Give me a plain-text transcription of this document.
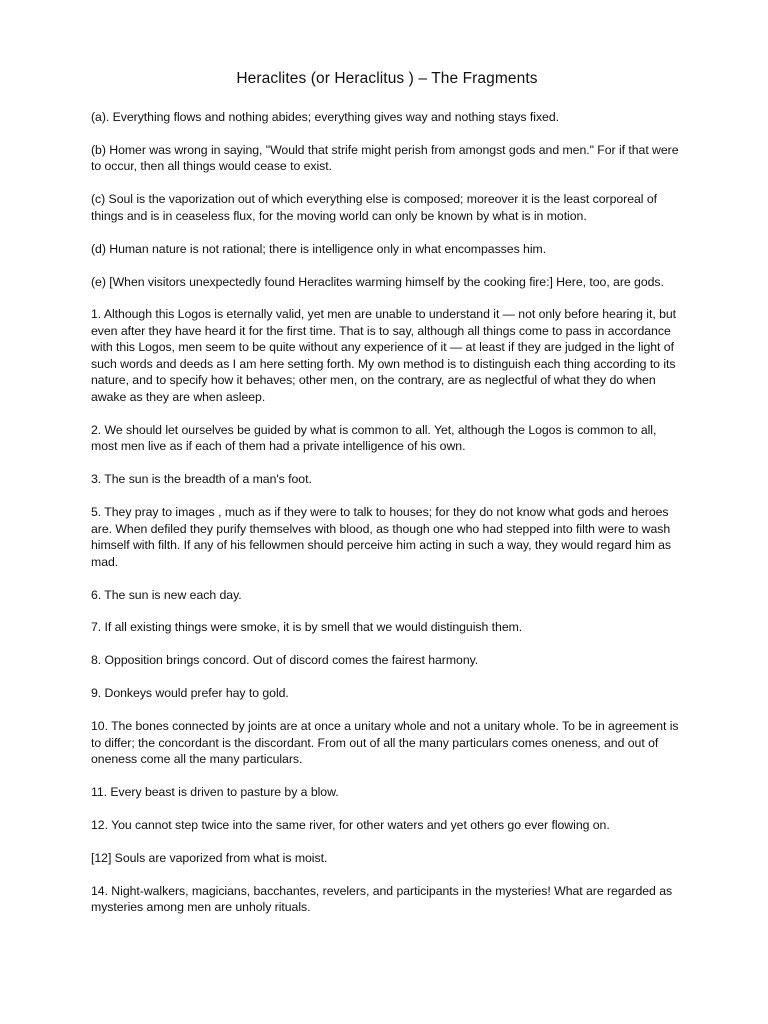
Heraclites (or Heraclitus ) – The Fragments

(a). Everything flows and nothing abides; everything gives way and nothing stays fixed.

(b) Homer was wrong in saying, "Would that strife might perish from amongst gods and men." For if that were to occur, then all things would cease to exist.

(c) Soul is the vaporization out of which everything else is composed; moreover it is the least corporeal of things and is in ceaseless flux, for the moving world can only be known by what is in motion.

(d) Human nature is not rational; there is intelligence only in what encompasses him.

(e) [When visitors unexpectedly found Heraclites warming himself by the cooking fire:] Here, too, are gods.

1. Although this Logos is eternally valid, yet men are unable to understand it — not only before hearing it, but even after they have heard it for the first time. That is to say, although all things come to pass in accordance with this Logos, men seem to be quite without any experience of it — at least if they are judged in the light of such words and deeds as I am here setting forth. My own method is to distinguish each thing according to its nature, and to specify how it behaves; other men, on the contrary, are as neglectful of what they do when awake as they are when asleep.

2. We should let ourselves be guided by what is common to all. Yet, although the Logos is common to all, most men live as if each of them had a private intelligence of his own.

3. The sun is the breadth of a man's foot.

5. They pray to images , much as if they were to talk to houses; for they do not know what gods and heroes are. When defiled they purify themselves with blood, as though one who had stepped into filth were to wash himself with filth. If any of his fellowmen should perceive him acting in such a way, they would regard him as mad.

6. The sun is new each day.

7. If all existing things were smoke, it is by smell that we would distinguish them.

8. Opposition brings concord. Out of discord comes the fairest harmony.

9. Donkeys would prefer hay to gold.

10. The bones connected by joints are at once a unitary whole and not a unitary whole. To be in agreement is to differ; the concordant is the discordant. From out of all the many particulars comes oneness, and out of oneness come all the many particulars.

11. Every beast is driven to pasture by a blow.

12. You cannot step twice into the same river, for other waters and yet others go ever flowing on.

[12] Souls are vaporized from what is moist.

14. Night-walkers, magicians, bacchantes, revelers, and participants in the mysteries! What are regarded as mysteries among men are unholy rituals.
